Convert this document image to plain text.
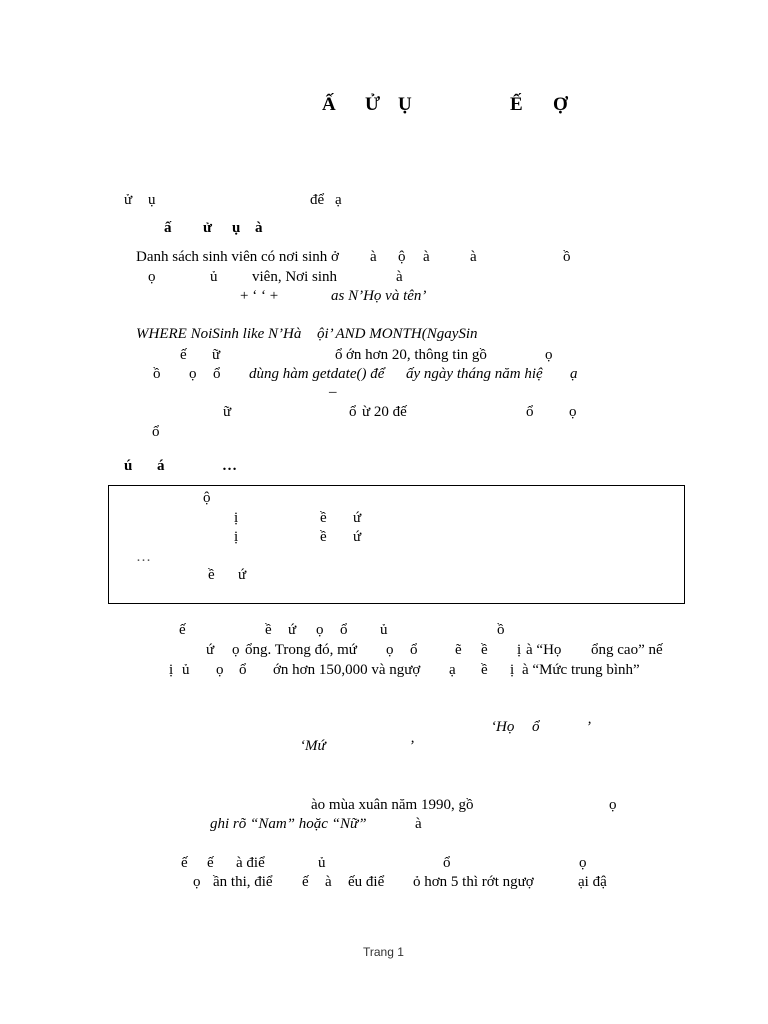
Ấ Ử Ụ	Ế Ợ
ử ụ	để ạ
ấ ử ụ à
Danh sách sinh viên có nơi sinh ở à ộ à	à	ồ
ọ	ủ viên, Nơi sinh	à
+ ‘ ‘ +	as N’Họ và tên’
WHERE NoiSinh like N’Hà ội’ AND MONTH(NgaySin
ế ữ	ổ ớn hơn 20, thông tin gồ	ọ
ồ ọ ổ dùng hàm getdate() để ấy ngày tháng năm hiệ ạ
–
ữ	ổ ừ 20 đế	ổ ọ
ổ
ú á	…
ộ
ị	ề ứ
ị	ề ứ
…
ề ứ
ế	ề ứ ọ ổ ủ	ồ
ứ ọ ổng. Trong đó, mứ ọ ổ	ẽ ề ị à “Họ ổng cao” nế
ị ủ ọ ổ ớn hơn 150,000 và ngượ ạ ề ị à “Mức trung bình”
‘Họ ổ	’
‘Mứ	’
ào mùa xuân năm 1990, gồ	ọ
ghi rõ “Nam” hoặc “Nữ”	à
ế ế à điể	ủ	ổ	ọ
ọ ần thi, điể ế à ếu điể ỏ hơn 5 thì rớt ngượ	ại đậ
Trang 1
